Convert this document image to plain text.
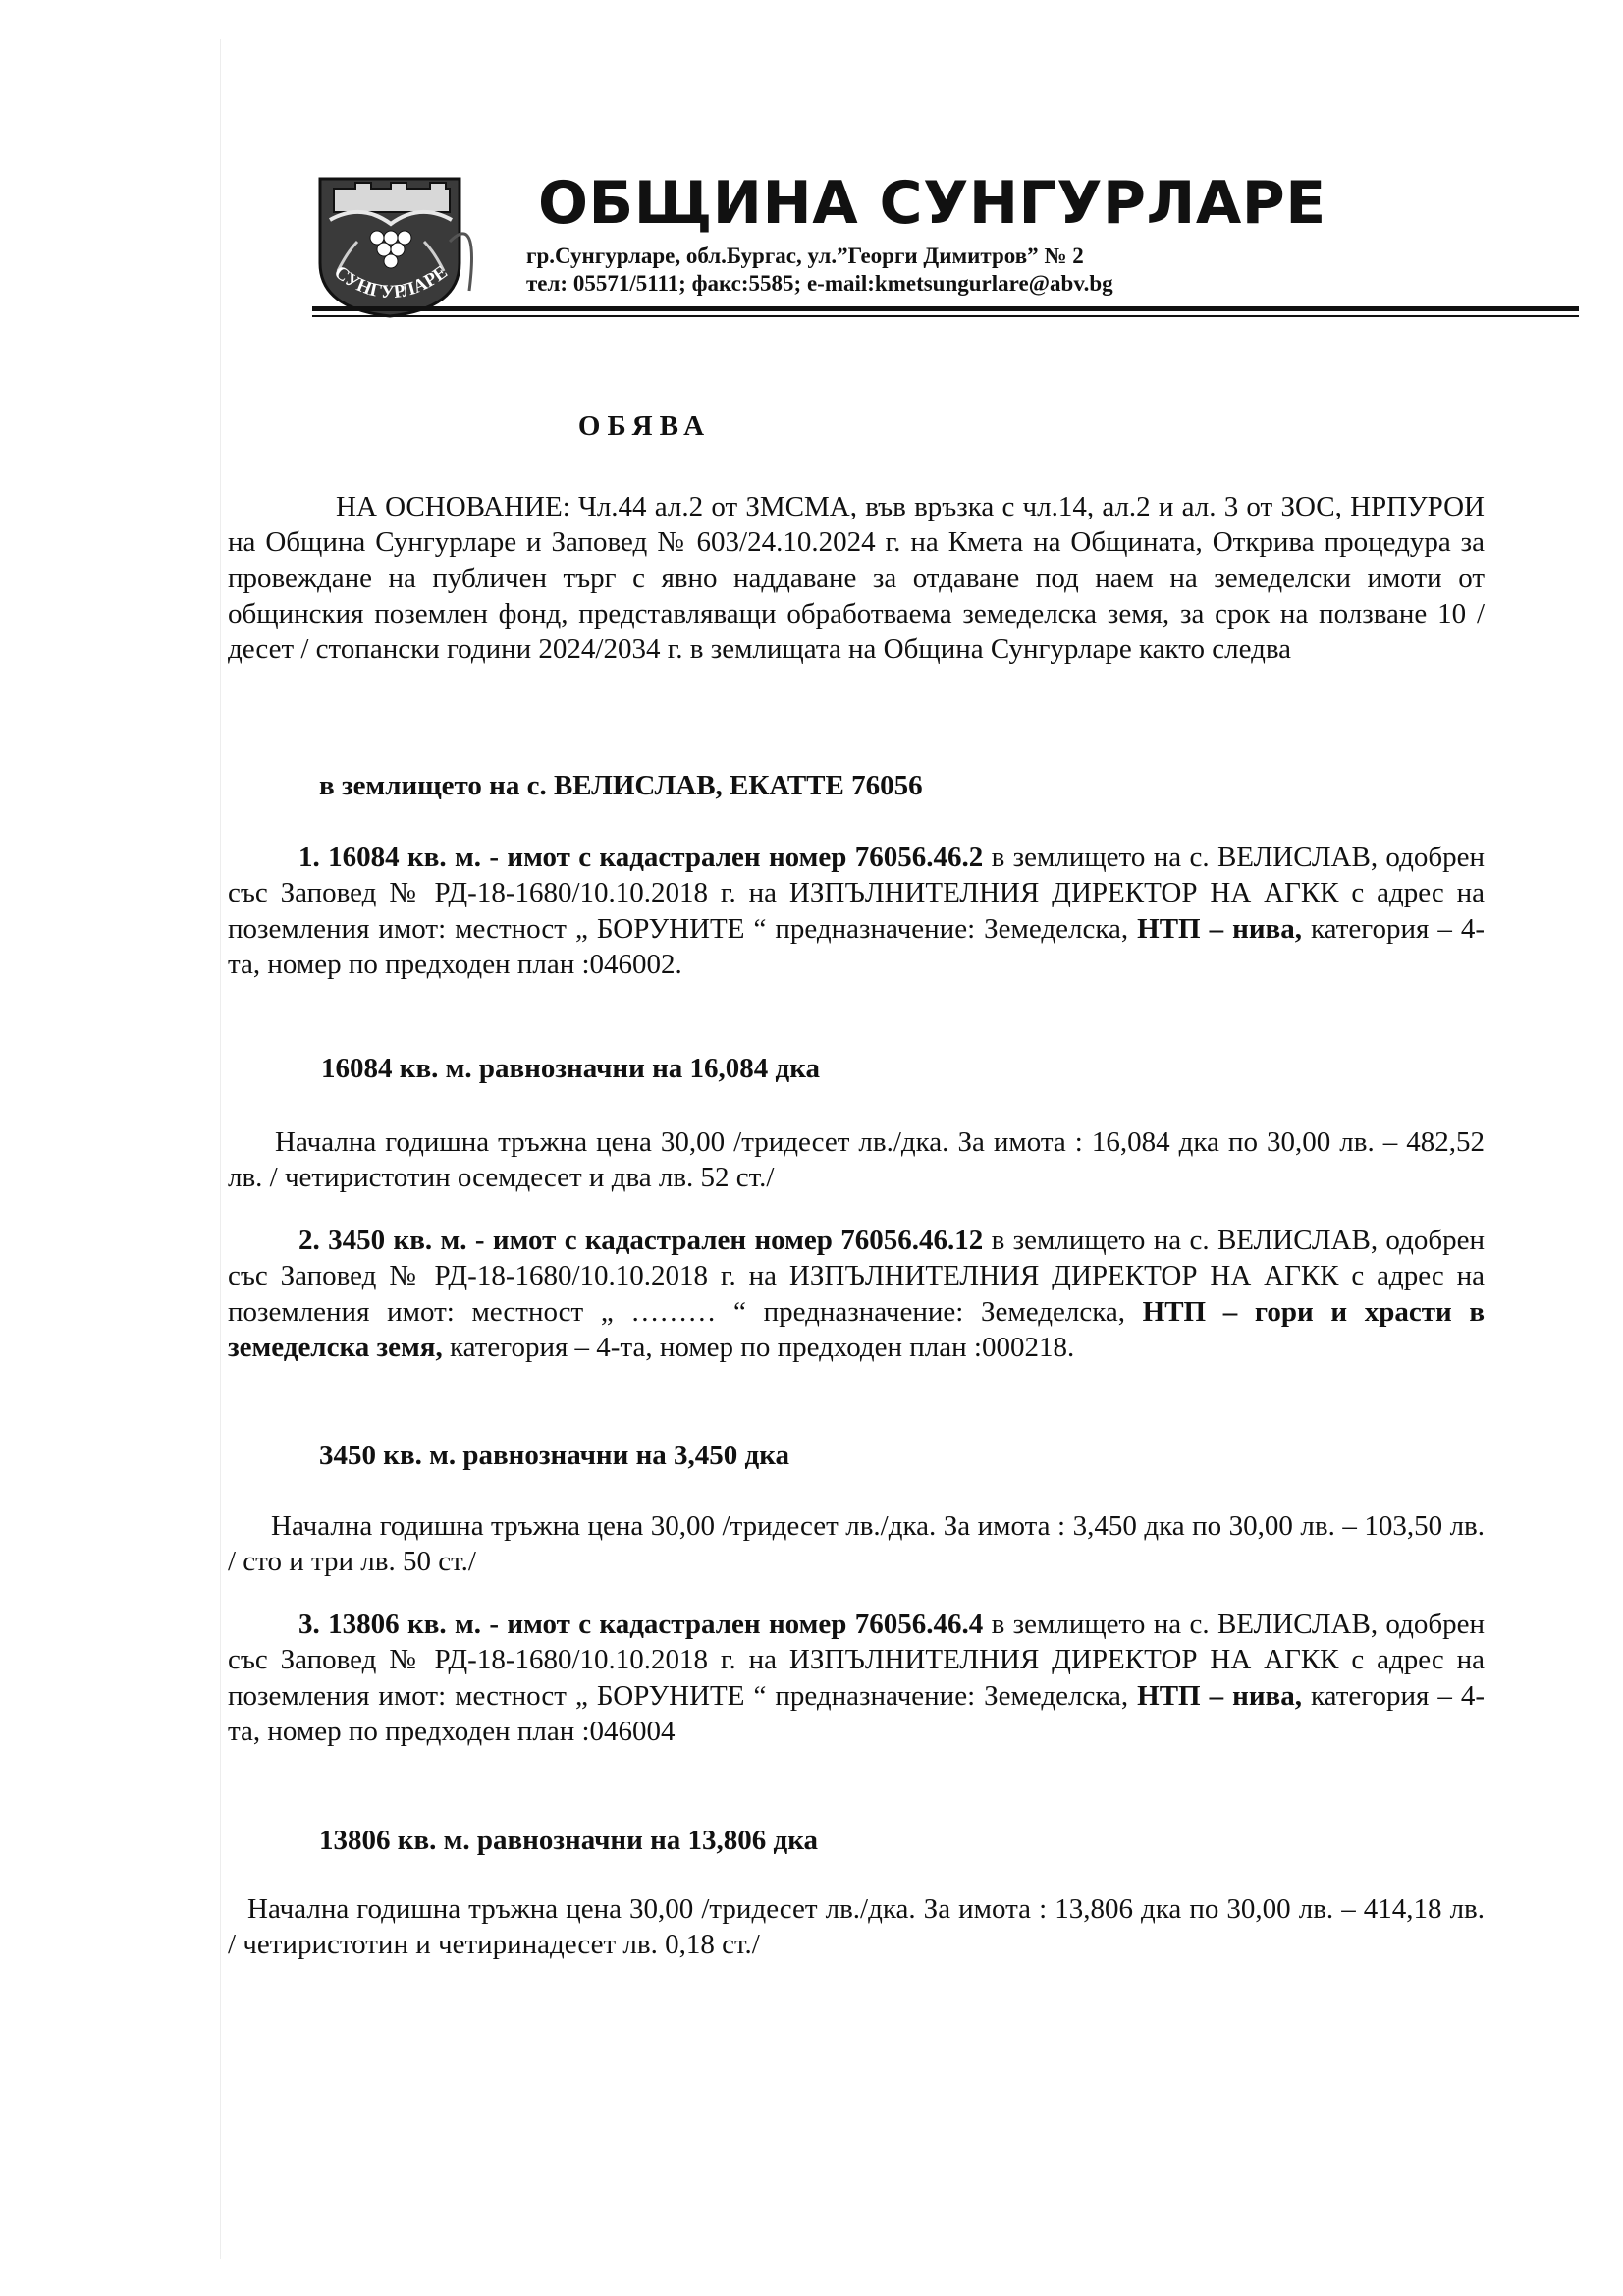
СУНГУРЛАРЕ
ОБЩИНА СУНГУРЛАРЕ

гр.Сунгурларе, обл.Бургас, ул.”Георги Димитров” № 2

тел: 05571/5111; факс:5585; e-mail:kmetsungurlare@abv.bg

ОБЯВА

НА ОСНОВАНИЕ: Чл.44 ал.2 от ЗМСМА, във връзка с чл.14, ал.2 и ал. 3 от ЗОС, НРПУРОИ на Община Сунгурларе и Заповед № 603/24.10.2024 г. на Кмета на Общината, Открива процедура за провеждане на публичен търг с явно наддаване за отдаване под наем на земеделски имоти от общинския поземлен фонд, представляващи обработваема земеделска земя, за срок на ползване 10 /десет / стопански години 2024/2034 г. в землищата на Община Сунгурларе както следва

в землището на с. ВЕЛИСЛАВ, ЕКАТТЕ 76056

1. 16084 кв. м. - имот с кадастрален номер 76056.46.2 в землището на с. ВЕЛИСЛАВ, одобрен със Заповед № РД-18-1680/10.10.2018 г. на ИЗПЪЛНИТЕЛНИЯ ДИРЕКТОР НА АГКК с адрес на поземления имот: местност „ БОРУНИТЕ “ предназначение: Земеделска, НТП – нива, категория – 4-та, номер по предходен план :046002.

16084 кв. м. равнозначни на 16,084 дка

Начална годишна тръжна цена 30,00 /тридесет лв./дка. За имота : 16,084 дка по 30,00 лв. – 482,52 лв. / четиристотин осемдесет и два лв. 52 ст./

2. 3450 кв. м. - имот с кадастрален номер 76056.46.12 в землището на с. ВЕЛИСЛАВ, одобрен със Заповед № РД-18-1680/10.10.2018 г. на ИЗПЪЛНИТЕЛНИЯ ДИРЕКТОР НА АГКК с адрес на поземления имот: местност „ ……… “ предназначение: Земеделска, НТП – гори и храсти в земеделска земя, категория – 4-та, номер по предходен план :000218.

3450 кв. м. равнозначни на 3,450 дка

Начална годишна тръжна цена 30,00 /тридесет лв./дка. За имота : 3,450 дка по 30,00 лв. – 103,50 лв. / сто и три лв. 50 ст./

3. 13806 кв. м. - имот с кадастрален номер 76056.46.4 в землището на с. ВЕЛИСЛАВ, одобрен със Заповед № РД-18-1680/10.10.2018 г. на ИЗПЪЛНИТЕЛНИЯ ДИРЕКТОР НА АГКК с адрес на поземления имот: местност „ БОРУНИТЕ “ предназначение: Земеделска, НТП – нива, категория – 4-та, номер по предходен план :046004

13806 кв. м. равнозначни на 13,806 дка

Начална годишна тръжна цена 30,00 /тридесет лв./дка. За имота : 13,806 дка по 30,00 лв. – 414,18 лв. / четиристотин и четиринадесет лв. 0,18 ст./
